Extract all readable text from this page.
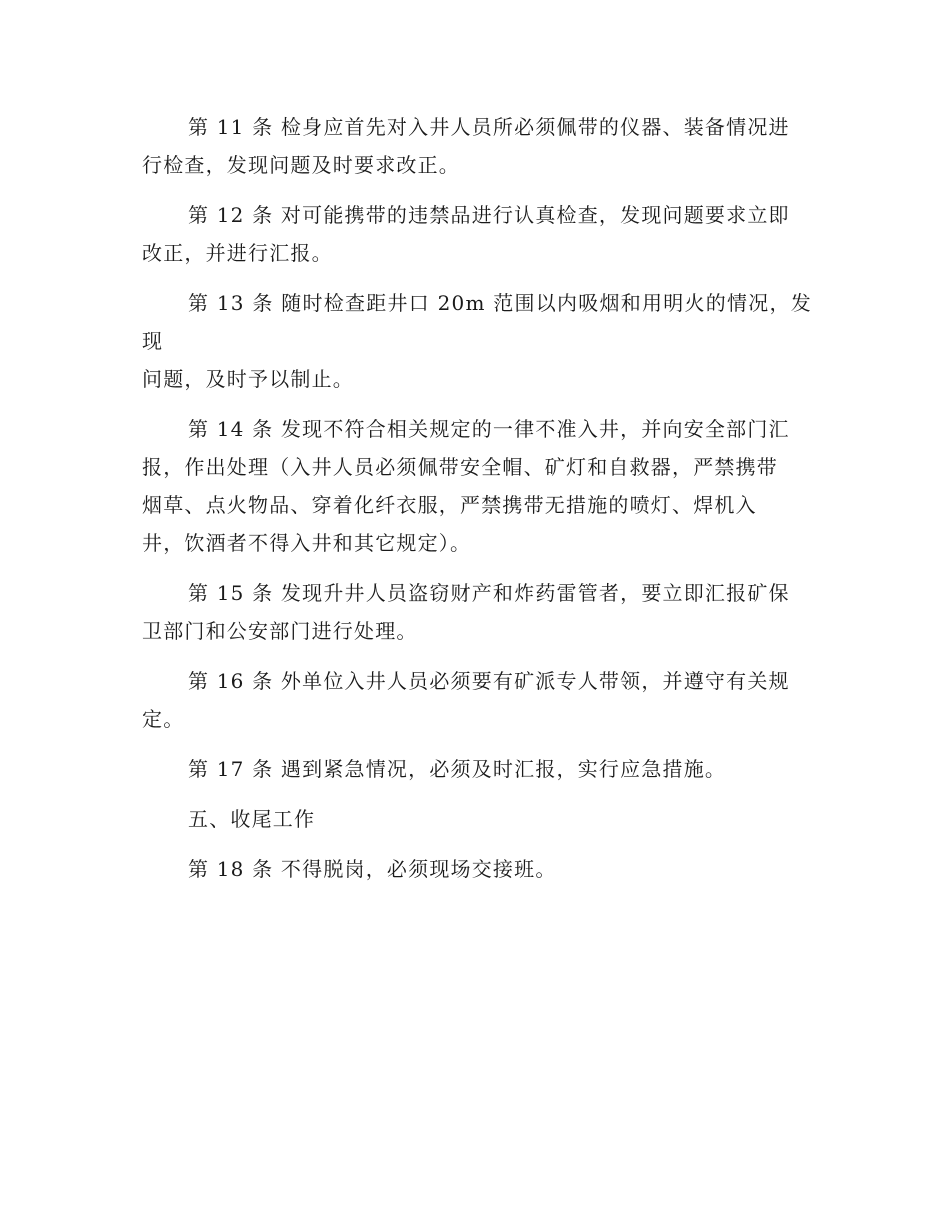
第 11 条 检身应首先对入井人员所必须佩带的仪器、装备情况进
行检查，发现问题及时要求改正。

第 12 条 对可能携带的违禁品进行认真检查，发现问题要求立即
改正，并进行汇报。

第 13 条 随时检查距井口 20m 范围以内吸烟和用明火的情况，发现
问题，及时予以制止。

第 14 条 发现不符合相关规定的一律不准入井，并向安全部门汇
报，作出处理（入井人员必须佩带安全帽、矿灯和自救器，严禁携带
烟草、点火物品、穿着化纤衣服，严禁携带无措施的喷灯、焊机入
井，饮酒者不得入井和其它规定）。

第 15 条 发现升井人员盗窃财产和炸药雷管者，要立即汇报矿保
卫部门和公安部门进行处理。

第 16 条 外单位入井人员必须要有矿派专人带领，并遵守有关规
定。

第 17 条 遇到紧急情况，必须及时汇报，实行应急措施。

五、收尾工作

第 18 条 不得脱岗，必须现场交接班。
